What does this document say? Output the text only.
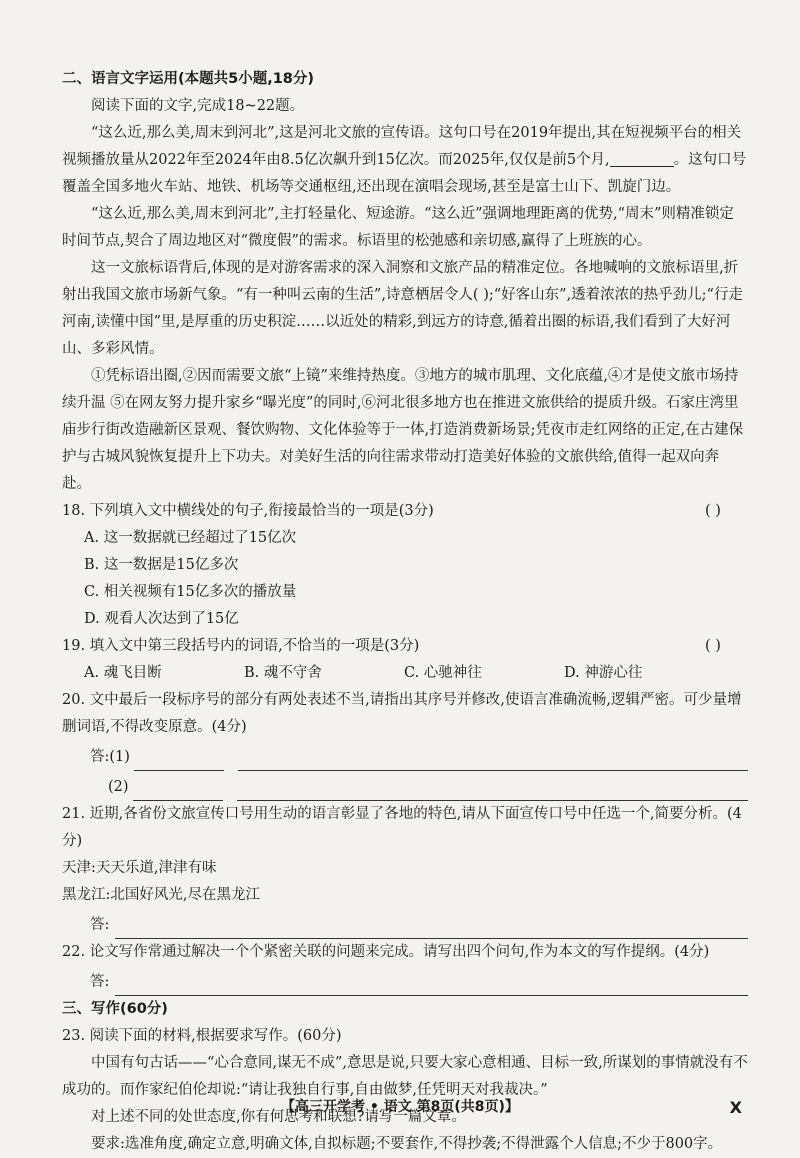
二、语言文字运用(本题共5小题,18分)

阅读下面的文字,完成18~22题。

“这么近,那么美,周末到河北”,这是河北文旅的宣传语。这句口号在2019年提出,其在短视频平台的相关视频播放量从2022年至2024年由8.5亿次飙升到15亿次。而2025年,仅仅是前5个月,	。这句口号覆盖全国多地火车站、地铁、机场等交通枢纽,还出现在演唱会现场,甚至是富士山下、凯旋门边。

“这么近,那么美,周末到河北”,主打轻量化、短途游。“这么近”强调地理距离的优势,“周末”则精准锁定时间节点,契合了周边地区对“微度假”的需求。标语里的松弛感和亲切感,赢得了上班族的心。

这一文旅标语背后,体现的是对游客需求的深入洞察和文旅产品的精准定位。各地喊响的文旅标语里,折射出我国文旅市场新气象。“有一种叫云南的生活”,诗意栖居令人( );“好客山东”,透着浓浓的热乎劲儿;“行走河南,读懂中国”里,是厚重的历史积淀……以近处的精彩,到远方的诗意,循着出圈的标语,我们看到了大好河山、多彩风情。

①凭标语出圈,②因而需要文旅“上镜”来维持热度。③地方的城市肌理、文化底蕴,④才是使文旅市场持续升温 ⑤在网友努力提升家乡“曝光度”的同时,⑥河北很多地方也在推进文旅供给的提质升级。石家庄湾里庙步行街改造融新区景观、餐饮购物、文化体验等于一体,打造消费新场景;凭夜市走红网络的正定,在古建保护与古城风貌恢复提升上下功夫。对美好生活的向往需求带动打造美好体验的文旅供给,值得一起双向奔赴。

18. 下列填入文中横线处的句子,衔接最恰当的一项是(3分)	( )
A. 这一数据就已经超过了15亿次
B. 这一数据是15亿多次
C. 相关视频有15亿多次的播放量
D. 观看人次达到了15亿
19. 填入文中第三段括号内的词语,不恰当的一项是(3分)	( )
A. 魂飞目断	B. 魂不守舍	C. 心驰神往	D. 神游心往
20. 文中最后一段标序号的部分有两处表述不当,请指出其序号并修改,使语言准确流畅,逻辑严密。可少量增删词语,不得改变原意。(4分)
答:(1)
(2)
21. 近期,各省份文旅宣传口号用生动的语言彰显了各地的特色,请从下面宣传口号中任选一个,简要分析。(4分)
天津:天天乐道,津津有味
黑龙江:北国好风光,尽在黑龙江
答:
22. 论文写作常通过解决一个个紧密关联的问题来完成。请写出四个问句,作为本文的写作提纲。(4分)
答:
三、写作(60分)
23. 阅读下面的材料,根据要求写作。(60分)

中国有句古话——“心合意同,谋无不成”,意思是说,只要大家心意相通、目标一致,所谋划的事情就没有不成功的。而作家纪伯伦却说:“请让我独自行事,自由做梦,任凭明天对我裁决。”

对上述不同的处世态度,你有何思考和联想?请写一篇文章。

要求:选准角度,确定立意,明确文体,自拟标题;不要套作,不得抄袭;不得泄露个人信息;不少于800字。

【高三开学考 • 语文 第8页(共8页)】	X
